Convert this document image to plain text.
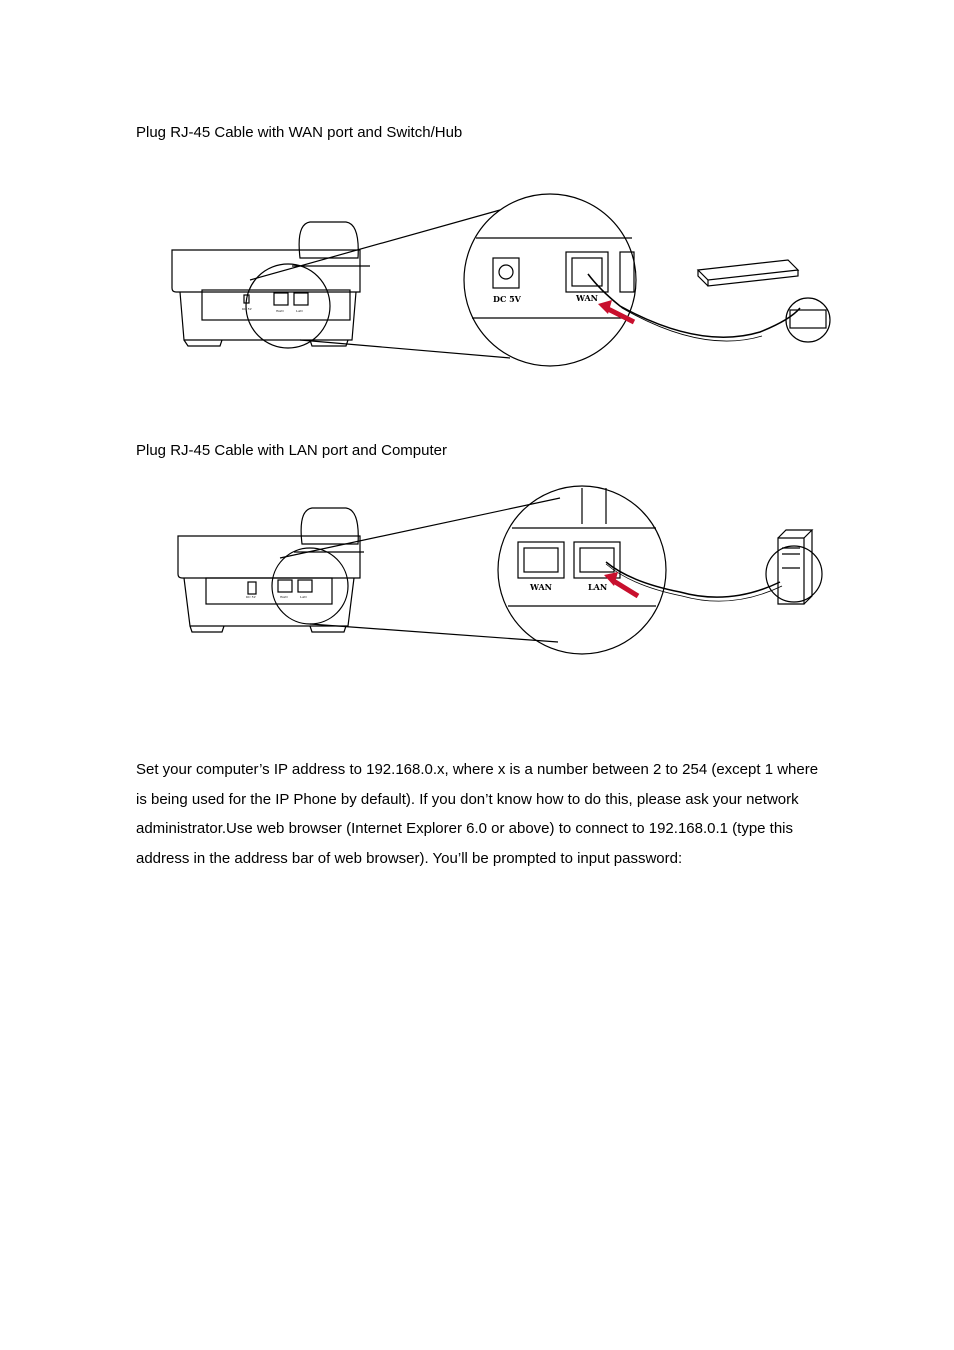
Plug RJ-45 Cable with WAN port and Switch/Hub
DC 5V	WAN
WAN	LAN
DC 5V
Plug RJ-45 Cable with LAN port and Computer
WAN	LAN
WAN	LAN
DC 5V
Set your computer’s IP address to 192.168.0.x, where x is a number between 2 to 254 (except 1 where
is being used for the IP Phone by default). If you don’t know how to do this, please ask your network
administrator.Use web browser (Internet Explorer 6.0 or above) to connect to 192.168.0.1 (type this
address in the address bar of web browser). You’ll be prompted to input password:
